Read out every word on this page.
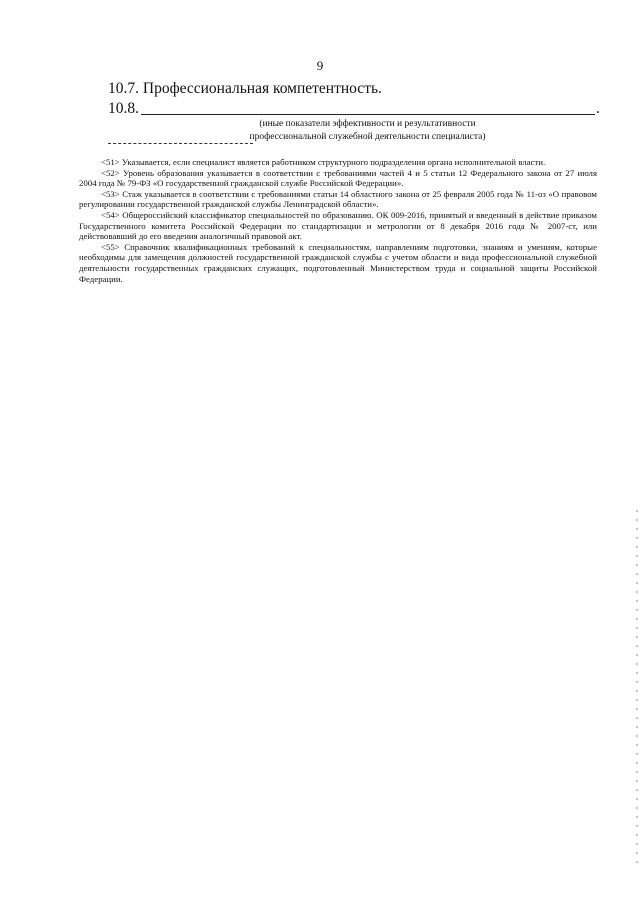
9
10.7. Профессиональная компетентность.
10.8.	.
(иные показатели эффективности и результативности
профессиональной служебной деятельности специалиста)

<51> Указывается, если специалист является работником структурного подразделения органа исполнительной власти.

<52> Уровень образования указывается в соответствии с требованиями частей 4 и 5 статьи 12 Федерального закона от 27 июля 2004 года № 79-ФЗ «О государственной гражданской службе Российской Федерации».

<53> Стаж указывается в соответствии с требованиями статьи 14 областного закона от 25 февраля 2005 года № 11-оз «О правовом регулировании государственной гражданской службы Ленинградской области».

<54> Общероссийский классификатор специальностей по образованию. ОК 009-2016, принятый и введенный в действие приказом Государственного комитета Российской Федерации по стандартизации и метрологии от 8 декабря 2016 года № 2007-ст, или действовавший до его введения аналогичный правовой акт.

<55> Справочник квалификационных требований к специальностям, направлениям подготовки, знаниям и умениям, которые необходимы для замещения должностей государственной гражданской службы с учетом области и вида профессиональной служебной деятельности государственных гражданских служащих, подготовленный Министерством труда и социальной защиты Российской Федерации.
